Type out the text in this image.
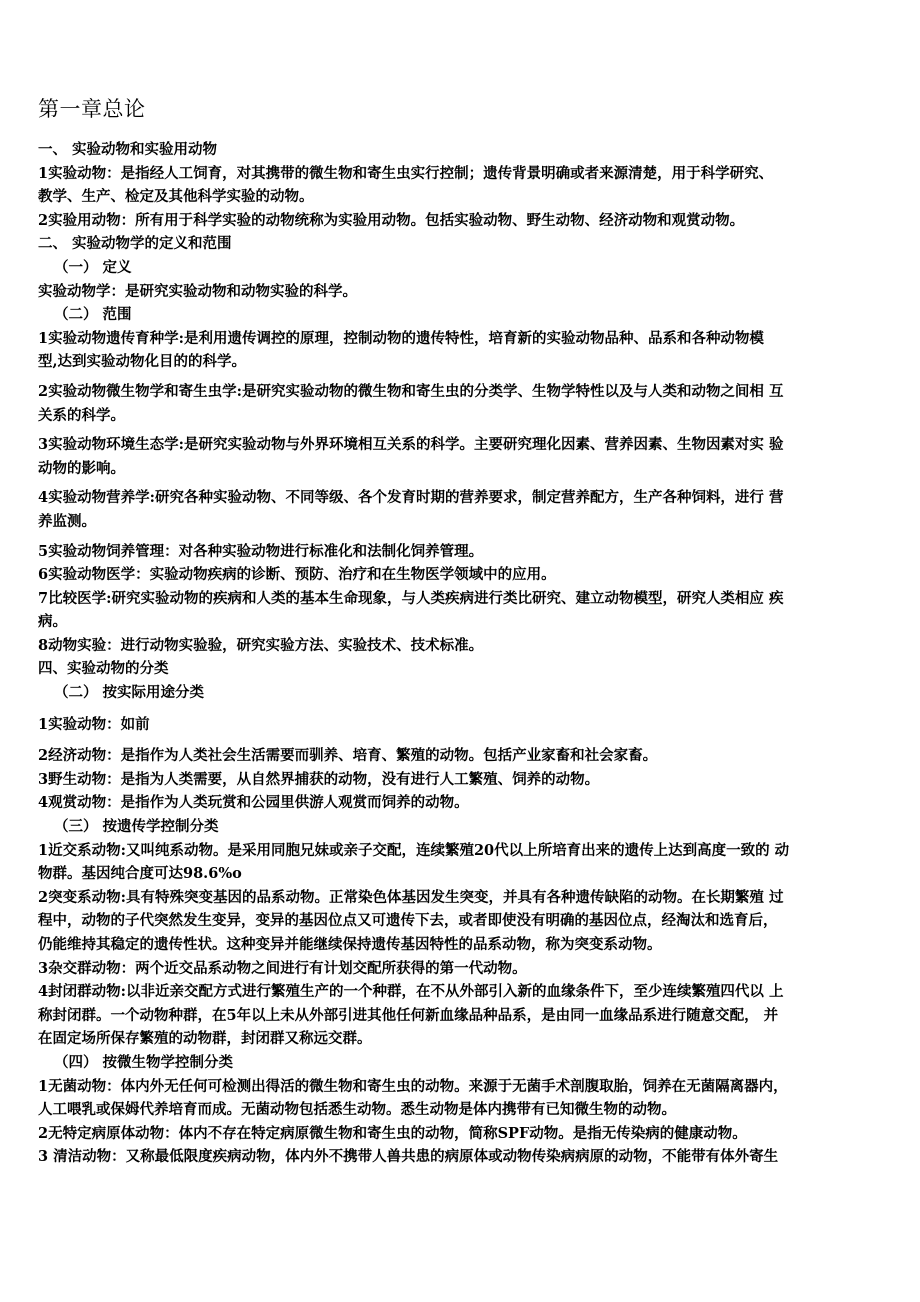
第一章总论
一、 实验动物和实验用动物
1实验动物：是指经人工饲育，对其携带的微生物和寄生虫实行控制；遗传背景明确或者来源清楚，用于科学研究、
教学、生产、检定及其他科学实验的动物。
2实验用动物：所有用于科学实验的动物统称为实验用动物。包括实验动物、野生动物、经济动物和观赏动物。
二、 实验动物学的定义和范围
（一） 定义
实验动物学：是研究实验动物和动物实验的科学。
（二） 范围
1实验动物遗传育种学:是利用遗传调控的原理，控制动物的遗传特性，培育新的实验动物品种、品系和各种动物模
型,达到实验动物化目的的科学。
2实验动物微生物学和寄生虫学:是研究实验动物的微生物和寄生虫的分类学、生物学特性以及与人类和动物之间相 互
关系的科学。
3实验动物环境生态学:是研究实验动物与外界环境相互关系的科学。主要研究理化因素、营养因素、生物因素对实 验
动物的影响。
4实验动物营养学:研究各种实验动物、不同等级、各个发育时期的营养要求，制定营养配方，生产各种饲料，进行 营
养监测。
5实验动物饲养管理：对各种实验动物进行标准化和法制化饲养管理。
6实验动物医学：实验动物疾病的诊断、预防、治疗和在生物医学领域中的应用。
7比较医学:研究实验动物的疾病和人类的基本生命现象，与人类疾病进行类比研究、建立动物模型，研究人类相应 疾
病。
8动物实验：进行动物实验验，研究实验方法、实验技术、技术标准。
四、实验动物的分类
（二） 按实际用途分类
1实验动物：如前
2经济动物：是指作为人类社会生活需要而驯养、培育、繁殖的动物。包括产业家畜和社会家畜。
3野生动物：是指为人类需要，从自然界捕获的动物，没有进行人工繁殖、饲养的动物。
4观赏动物：是指作为人类玩赏和公园里供游人观赏而饲养的动物。
（三） 按遗传学控制分类
1近交系动物:又叫纯系动物。是采用同胞兄妹或亲子交配，连续繁殖20代以上所培育出来的遗传上达到高度一致的 动
物群。基因纯合度可达98.6%ο
2突变系动物:具有特殊突变基因的品系动物。正常染色体基因发生突变，并具有各种遗传缺陷的动物。在长期繁殖 过
程中，动物的子代突然发生变异，变异的基因位点又可遗传下去，或者即使没有明确的基因位点，经淘汰和选育后，
仍能维持其稳定的遗传性状。这种变异并能继续保持遗传基因特性的品系动物，称为突变系动物。
3杂交群动物：两个近交品系动物之间进行有计划交配所获得的第一代动物。
4封闭群动物:以非近亲交配方式进行繁殖生产的一个种群，在不从外部引入新的血缘条件下，至少连续繁殖四代以 上
称封闭群。一个动物种群，在5年以上未从外部引进其他任何新血缘品种品系，是由同一血缘品系进行随意交配， 并
在固定场所保存繁殖的动物群，封闭群又称远交群。
（四） 按微生物学控制分类
1无菌动物：体内外无任何可检测出得活的微生物和寄生虫的动物。来源于无菌手术剖腹取胎，饲养在无菌隔离器内，
人工喂乳或保姆代养培育而成。无菌动物包括悉生动物。悉生动物是体内携带有已知微生物的动物。
2无特定病原体动物：体内不存在特定病原微生物和寄生虫的动物，简称SPF动物。是指无传染病的健康动物。
3 清洁动物：又称最低限度疾病动物，体内外不携带人兽共患的病原体或动物传染病病原的动物，不能带有体外寄生
